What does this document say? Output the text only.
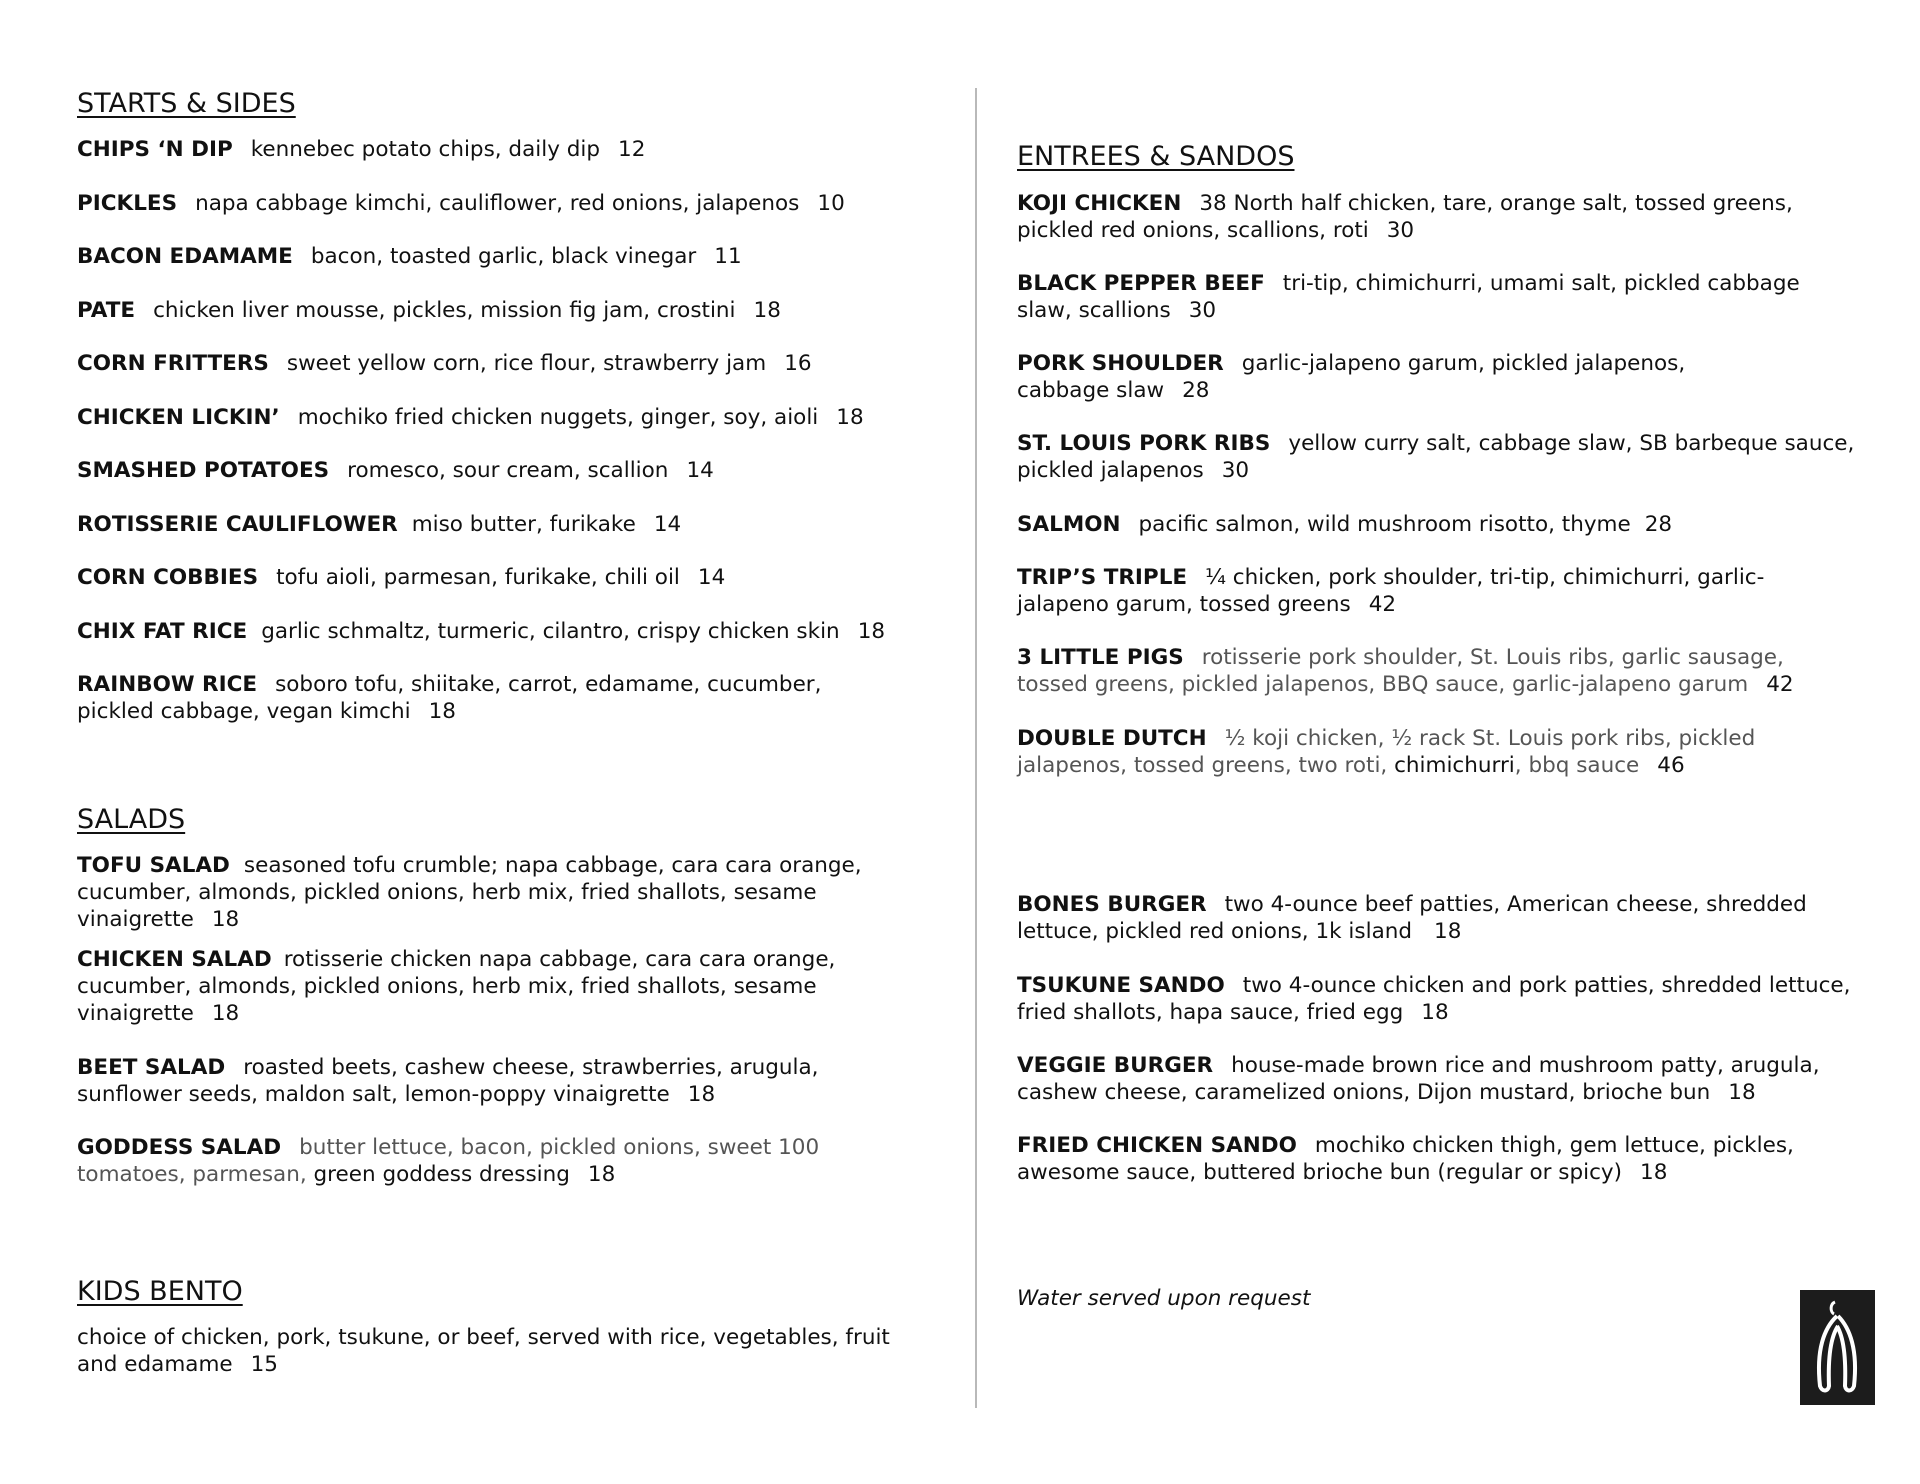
STARTS & SIDES

CHIPS ‘N DIP kennebec potato chips, daily dip 12

PICKLES napa cabbage kimchi, cauliflower, red onions, jalapenos 10

BACON EDAMAME bacon, toasted garlic, black vinegar 11

PATE chicken liver mousse, pickles, mission fig jam, crostini 18

CORN FRITTERS sweet yellow corn, rice flour, strawberry jam 16

CHICKEN LICKIN’ mochiko fried chicken nuggets, ginger, soy, aioli 18

SMASHED POTATOES romesco, sour cream, scallion 14

ROTISSERIE CAULIFLOWER miso butter, furikake 14

CORN COBBIES tofu aioli, parmesan, furikake, chili oil 14

CHIX FAT RICE garlic schmaltz, turmeric, cilantro, crispy chicken skin 18

RAINBOW RICE soboro tofu, shiitake, carrot, edamame, cucumber, pickled cabbage, vegan kimchi 18

SALADS

TOFU SALAD seasoned tofu crumble; napa cabbage, cara cara orange, cucumber, almonds, pickled onions, herb mix, fried shallots, sesame vinaigrette 18

CHICKEN SALAD rotisserie chicken napa cabbage, cara cara orange, cucumber, almonds, pickled onions, herb mix, fried shallots, sesame vinaigrette 18

BEET SALAD roasted beets, cashew cheese, strawberries, arugula, sunflower seeds, maldon salt, lemon-poppy vinaigrette 18

GODDESS SALAD butter lettuce, bacon, pickled onions, sweet 100 tomatoes, parmesan, green goddess dressing 18

KIDS BENTO

choice of chicken, pork, tsukune, or beef, served with rice, vegetables, fruit and edamame 15

ENTREES & SANDOS

KOJI CHICKEN 38 North half chicken, tare, orange salt, tossed greens, pickled red onions, scallions, roti 30

BLACK PEPPER BEEF tri-tip, chimichurri, umami salt, pickled cabbage slaw, scallions 30

PORK SHOULDER garlic-jalapeno garum, pickled jalapenos, cabbage slaw 28

ST. LOUIS PORK RIBS yellow curry salt, cabbage slaw, SB barbeque sauce, pickled jalapenos 30

SALMON pacific salmon, wild mushroom risotto, thyme 28

TRIP’S TRIPLE ¼ chicken, pork shoulder, tri-tip, chimichurri, garlic-jalapeno garum, tossed greens 42

3 LITTLE PIGS rotisserie pork shoulder, St. Louis ribs, garlic sausage, tossed greens, pickled jalapenos, BBQ sauce, garlic-jalapeno garum 42

DOUBLE DUTCH ½ koji chicken, ½ rack St. Louis pork ribs, pickled jalapenos, tossed greens, two roti, chimichurri, bbq sauce 46

BONES BURGER two 4-ounce beef patties, American cheese, shredded lettuce, pickled red onions, 1k island 18

TSUKUNE SANDO two 4-ounce chicken and pork patties, shredded lettuce, fried shallots, hapa sauce, fried egg 18

VEGGIE BURGER house-made brown rice and mushroom patty, arugula, cashew cheese, caramelized onions, Dijon mustard, brioche bun 18

FRIED CHICKEN SANDO mochiko chicken thigh, gem lettuce, pickles, awesome sauce, buttered brioche bun (regular or spicy) 18

Water served upon request
